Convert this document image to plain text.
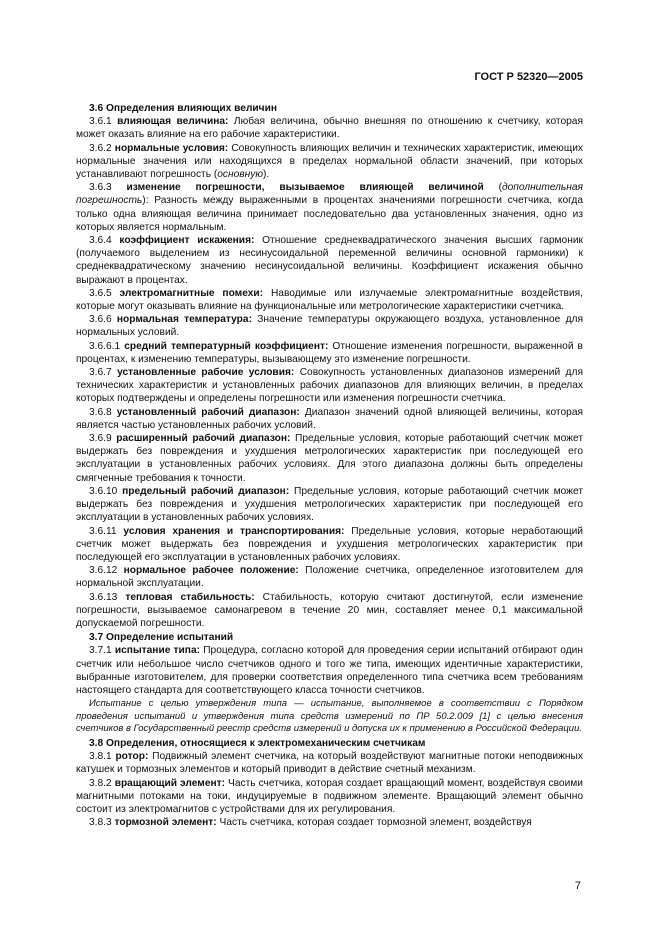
ГОСТ Р 52320—2005

3.6 Определения влияющих величин

3.6.1 влияющая величина: Любая величина, обычно внешняя по отношению к счетчику, которая может оказать влияние на его рабочие характеристики.

3.6.2 нормальные условия: Совокупность влияющих величин и технических характеристик, имеющих нормальные значения или находящихся в пределах нормальной области значений, при которых устанавливают погрешность (основную).

3.6.3 изменение погрешности, вызываемое влияющей величиной (дополнительная погрешность): Разность между выраженными в процентах значениями погрешности счетчика, когда только одна влияющая величина принимает последовательно два установленных значения, одно из которых является нормальным.

3.6.4 коэффициент искажения: Отношение среднеквадратического значения высших гармоник (получаемого выделением из несинусоидальной переменной величины основной гармоники) к среднеквадратическому значению несинусоидальной величины. Коэффициент искажения обычно выражают в процентах.

3.6.5 электромагнитные помехи: Наводимые или излучаемые электромагнитные воздействия, которые могут оказывать влияние на функциональные или метрологические характеристики счетчика.

3.6.6 нормальная температура: Значение температуры окружающего воздуха, установленное для нормальных условий.

3.6.6.1 средний температурный коэффициент: Отношение изменения погрешности, выраженной в процентах, к изменению температуры, вызывающему это изменение погрешности.

3.6.7 установленные рабочие условия: Совокупность установленных диапазонов измерений для технических характеристик и установленных рабочих диапазонов для влияющих величин, в пределах которых подтверждены и определены погрешности или изменения погрешности счетчика.

3.6.8 установленный рабочий диапазон: Диапазон значений одной влияющей величины, которая является частью установленных рабочих условий.

3.6.9 расширенный рабочий диапазон: Предельные условия, которые работающий счетчик может выдержать без повреждения и ухудшения метрологических характеристик при последующей его эксплуатации в установленных рабочих условиях. Для этого диапазона должны быть определены смягченные требования к точности.

3.6.10 предельный рабочий диапазон: Предельные условия, которые работающий счетчик может выдержать без повреждения и ухудшения метрологических характеристик при последующей его эксплуатации в установленных рабочих условиях.

3.6.11 условия хранения и транспортирования: Предельные условия, которые неработающий счетчик может выдержать без повреждения и ухудшения метрологических характеристик при последующей его эксплуатации в установленных рабочих условиях.

3.6.12 нормальное рабочее положение: Положение счетчика, определенное изготовителем для нормальной эксплуатации.

3.6.13 тепловая стабильность: Стабильность, которую считают достигнутой, если изменение погрешности, вызываемое самонагревом в течение 20 мин, составляет менее 0,1 максимальной допускаемой погрешности.

3.7 Определение испытаний

3.7.1 испытание типа: Процедура, согласно которой для проведения серии испытаний отбирают один счетчик или небольшое число счетчиков одного и того же типа, имеющих идентичные характеристики, выбранные изготовителем, для проверки соответствия определенного типа счетчика всем требованиям настоящего стандарта для соответствующего класса точности счетчиков.

Испытание с целью утверждения типа — испытание, выполняемое в соответствии с Порядком проведения испытаний и утверждения типа средств измерений по ПР 50.2.009 [1] с целью внесения счетчиков в Государственный реестр средств измерений и допуска их к применению в Российской Федерации.

3.8 Определения, относящиеся к электромеханическим счетчикам

3.8.1 ротор: Подвижный элемент счетчика, на который воздействуют магнитные потоки неподвижных катушек и тормозных элементов и который приводит в действие счетный механизм.

3.8.2 вращающий элемент: Часть счетчика, которая создает вращающий момент, воздействуя своими магнитными потоками на токи, индуцируемые в подвижном элементе. Вращающий элемент обычно состоит из электромагнитов с устройствами для их регулирования.

3.8.3 тормозной элемент: Часть счетчика, которая создает тормозной элемент, воздействуя

7
